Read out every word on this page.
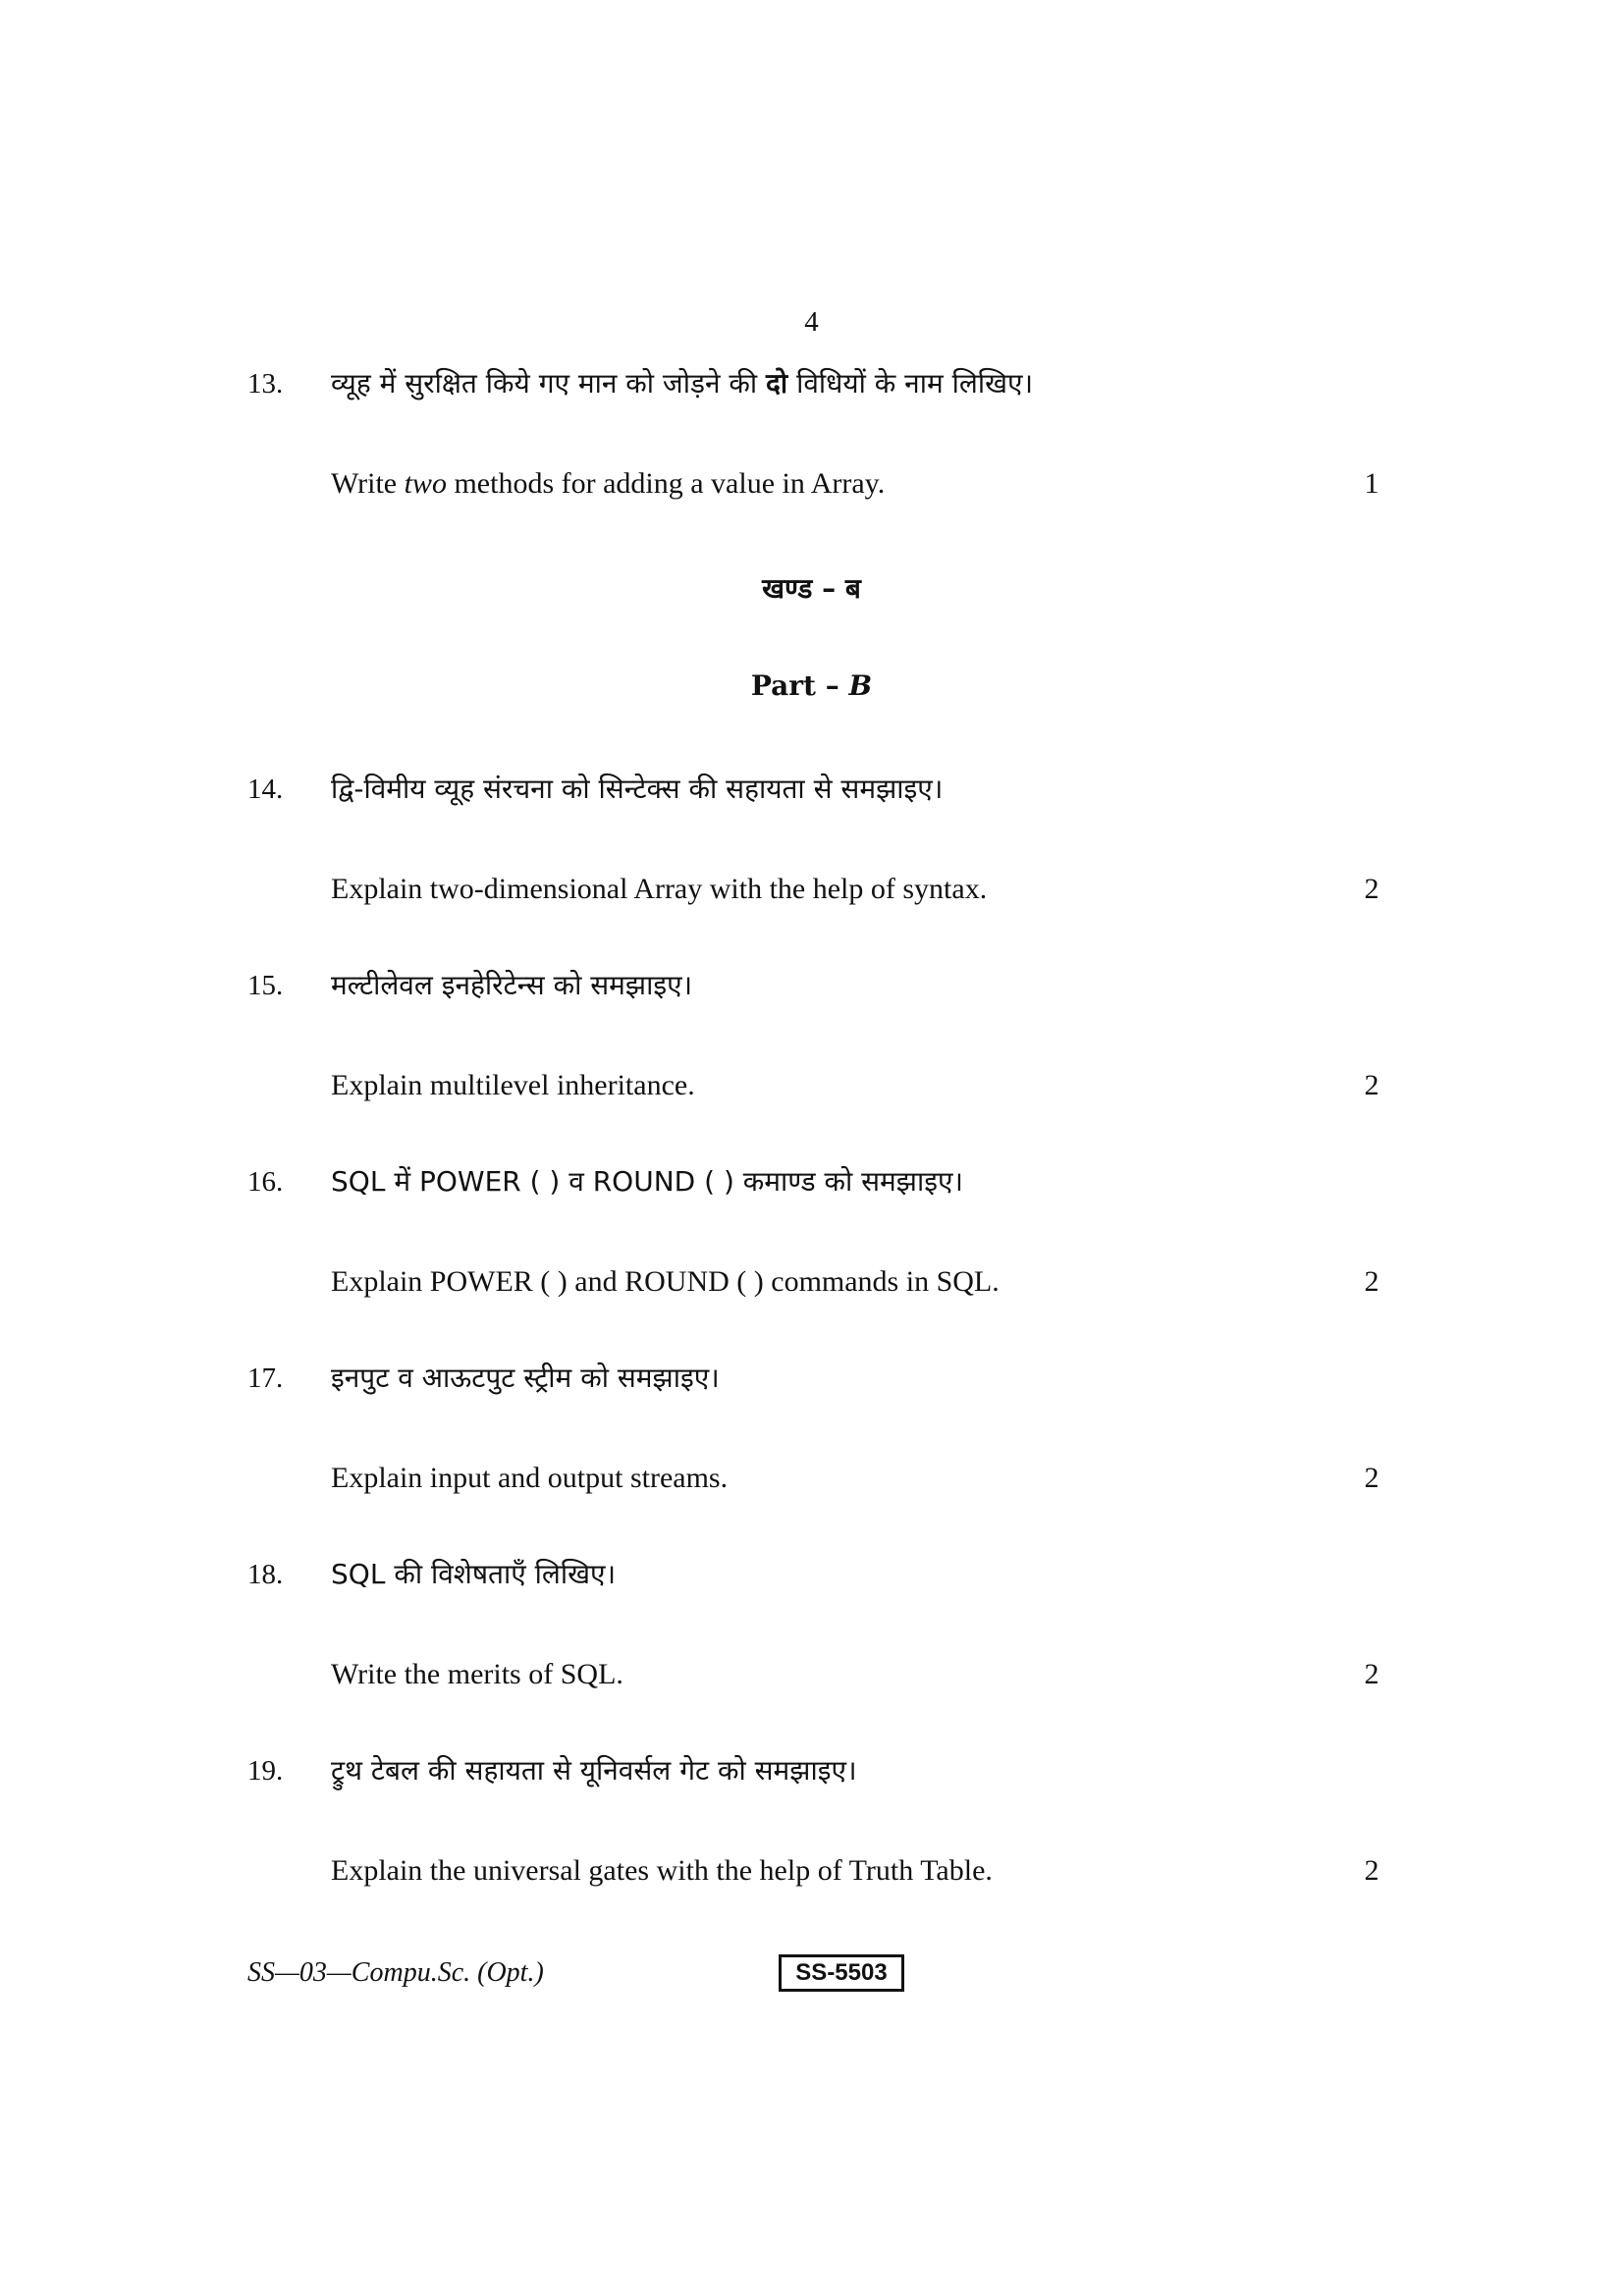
4
13.	व्यूह में सुरक्षित किये गए मान को जोड़ने की दो विधियों के नाम लिखिए।
Write two methods for adding a value in Array.	1
खण्ड – ब
Part – B
14.	द्वि-विमीय व्यूह संरचना को सिन्टेक्स की सहायता से समझाइए।
Explain two-dimensional Array with the help of syntax.	2
15.	मल्टीलेवल इनहेरिटेन्स को समझाइए।
Explain multilevel inheritance.	2
16.	SQL में POWER ( ) व ROUND ( ) कमाण्ड को समझाइए।
Explain POWER ( ) and ROUND ( ) commands in SQL.	2
17.	इनपुट व आऊटपुट स्ट्रीम को समझाइए।
Explain input and output streams.	2
18.	SQL की विशेषताएँ लिखिए।
Write the merits of SQL.	2
19.	ट्रुथ टेबल की सहायता से यूनिवर्सल गेट को समझाइए।
Explain the universal gates with the help of Truth Table.	2
SS—03—Compu.Sc. (Opt.)	SS-5503
